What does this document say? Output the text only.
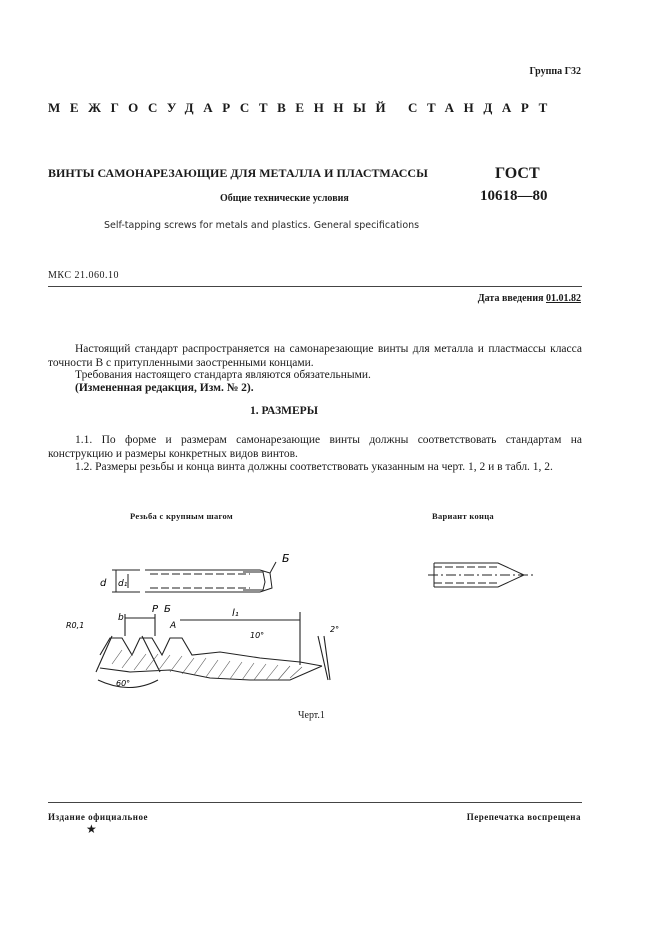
Группа Г32
МЕЖГОСУДАРСТВЕННЫЙ СТАНДАРТ
ВИНТЫ САМОНАРЕЗАЮЩИЕ ДЛЯ МЕТАЛЛА И ПЛАСТМАССЫ
Общие технические условия
Self-tapping screws for metals and plastics. General specifications
ГОСТ
10618—80
МКС 21.060.10
Дата введения 01.01.82
Настоящий стандарт распространяется на самонарезающие винты для металла и пластмассы класса точности В с притупленными заостренными концами.
Требования настоящего стандарта являются обязательными.
(Измененная редакция, Изм. № 2).
1. РАЗМЕРЫ
1.1. По форме и размерам самонарезающие винты должны соответствовать стандартам на конструкцию и размеры конкретных видов винтов.
1.2. Размеры резьбы и конца винта должны соответствовать указанным на черт. 1, 2 и в табл. 1, 2.
Резьба с крупным шагом	Вариант конца
Б
d d₁
P
b
Б
A
l₁
R0,1
10°
2°
60°
Черт.1
Издание официальное	Перепечатка воспрещена
★
